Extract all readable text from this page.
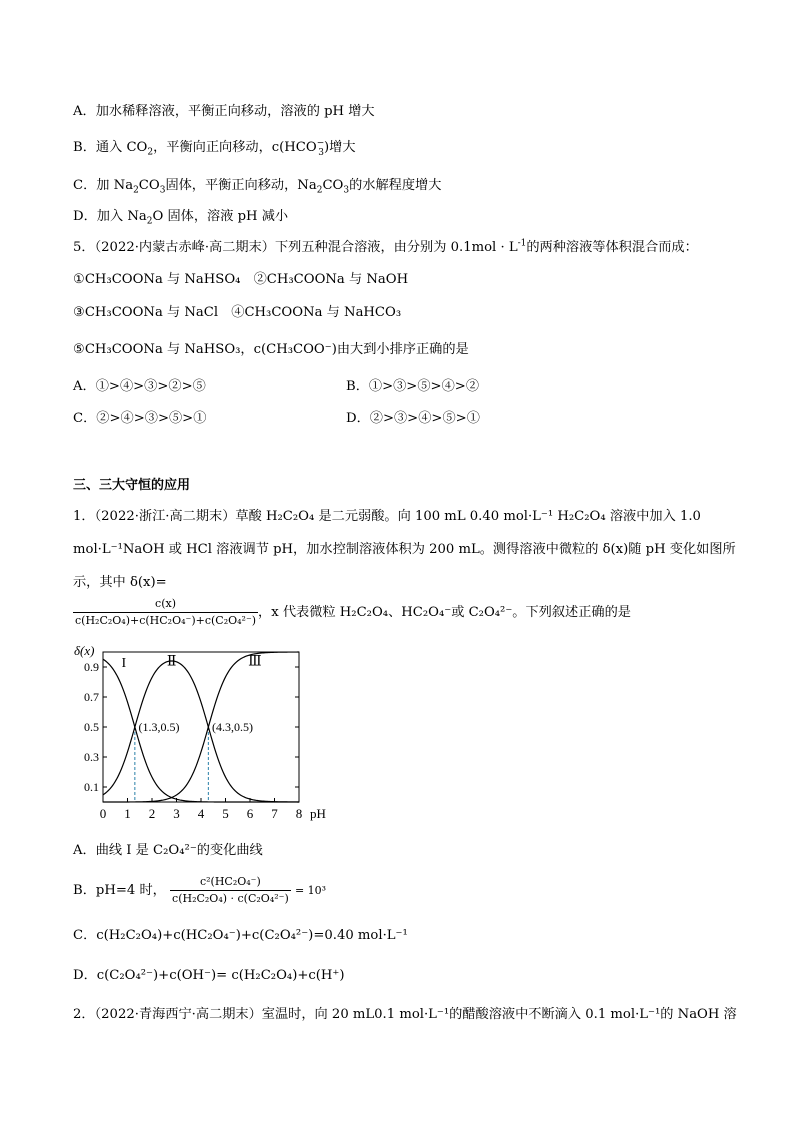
A．加水稀释溶液，平衡正向移动，溶液的 pH 增大
B．通入 $CO_2$，平衡向正向移动，$c(HCO^-_3)$增大
C．加 $Na_2CO_3$固体，平衡正向移动，$Na_2CO_3$的水解程度增大
D．加入 $Na_2O$ 固体，溶液 pH 减小
5．（2022·内蒙古赤峰·高二期末）下列五种混合溶液，由分别为 $0.1mol \cdot L^{-1}$的两种溶液等体积混合而成：
①CH₃COONa 与 NaHSO₄　②CH₃COONa 与 NaOH
③CH₃COONa 与 NaCl　④CH₃COONa 与 NaHCO₃
⑤CH₃COONa 与 NaHSO₃，c(CH₃COO⁻)由大到小排序正确的是
A．①>④>③>②>⑤	B．①>③>⑤>④>②
C．②>④>③>⑤>①	D．②>③>④>⑤>①
三、三大守恒的应用
1．（2022·浙江·高二期末）草酸 H₂C₂O₄ 是二元弱酸。向 100 mL 0.40 mol·L⁻¹ H₂C₂O₄ 溶液中加入 1.0
mol·L⁻¹NaOH 或 HCl 溶液调节 pH，加水控制溶液体积为 200 mL。测得溶液中微粒的 δ(x)随 pH 变化如图所
示，其中 δ(x)=
$\frac{c(x)}{\text{c(H₂C₂O₄)+c(HC₂O₄⁻)+c(C₂O₄²⁻)}}$ ，x 代表微粒 H₂C₂O₄、HC₂O₄⁻或 C₂O₄²⁻。下列叙述正确的是
δ(x)
0.1
0.3
0.5
0.7
0.9
0 1 2 3 4 5 6 7 8
I	Ⅱ	Ⅲ
(1.3,0.5)	(4.3,0.5)
pH
A．曲线 I 是 C₂O₄²⁻的变化曲线
B．pH=4 时， $\frac{\text{c²(HC₂O₄⁻)}}{\text{c(H₂C₂O₄) · c(C₂O₄²⁻)}} = 10^3$
C．c(H₂C₂O₄)+c(HC₂O₄⁻)+c(C₂O₄²⁻)=0.40 mol·L⁻¹
D．c(C₂O₄²⁻)+c(OH⁻)= c(H₂C₂O₄)+c(H⁺)
2．（2022·青海西宁·高二期末）室温时，向 20 mL0.1 mol·L⁻¹的醋酸溶液中不断滴入 0.1 mol·L⁻¹的 NaOH 溶
